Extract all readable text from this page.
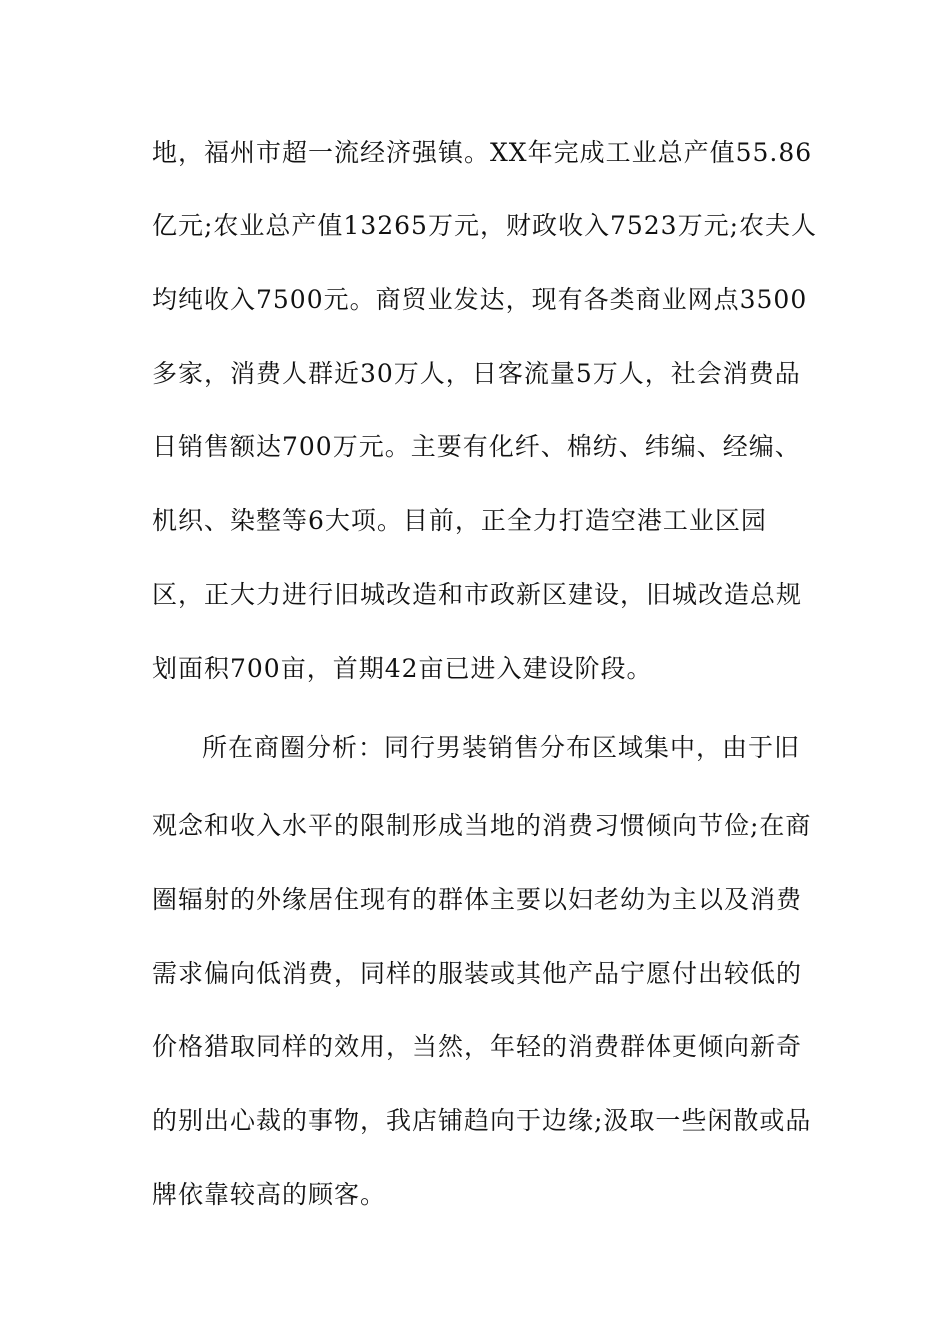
地，福州市超一流经济强镇。XX年完成工业总产值55.86
亿元;农业总产值13265万元，财政收入7523万元;农夫人
均纯收入7500元。商贸业发达，现有各类商业网点3500
多家，消费人群近30万人，日客流量5万人，社会消费品
日销售额达700万元。主要有化纤、棉纺、纬编、经编、
机织、染整等6大项。目前，正全力打造空港工业区园
区，正大力进行旧城改造和市政新区建设，旧城改造总规
划面积700亩，首期42亩已进入建设阶段。
所在商圈分析：同行男装销售分布区域集中，由于旧
观念和收入水平的限制形成当地的消费习惯倾向节俭;在商
圈辐射的外缘居住现有的群体主要以妇老幼为主以及消费
需求偏向低消费，同样的服装或其他产品宁愿付出较低的
价格猎取同样的效用，当然，年轻的消费群体更倾向新奇
的别出心裁的事物，我店铺趋向于边缘;汲取一些闲散或品
牌依靠较高的顾客。
